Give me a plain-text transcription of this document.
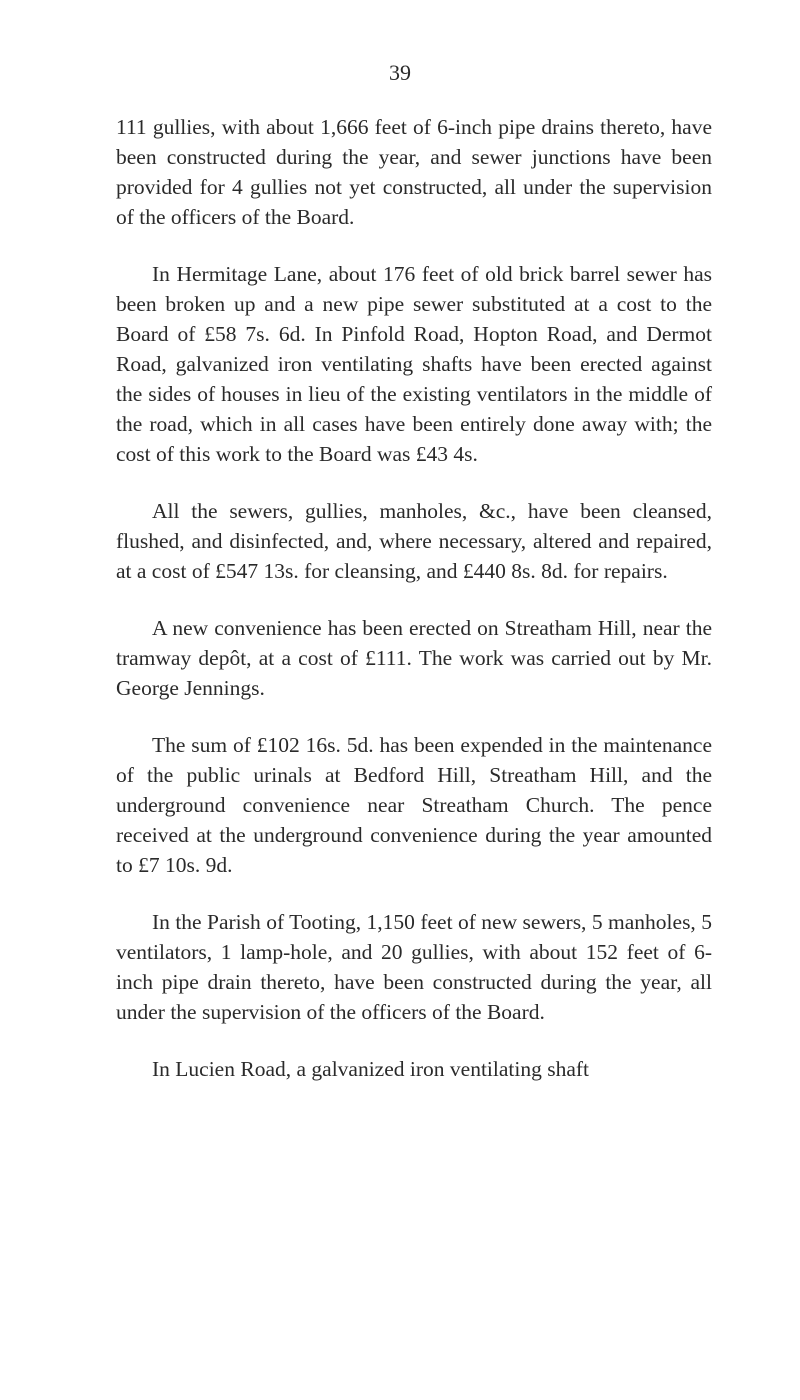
39

111 gullies, with about 1,666 feet of 6-inch pipe drains thereto, have been constructed during the year, and sewer junctions have been provided for 4 gullies not yet constructed, all under the supervision of the officers of the Board.

In Hermitage Lane, about 176 feet of old brick barrel sewer has been broken up and a new pipe sewer substituted at a cost to the Board of £58 7s. 6d. In Pinfold Road, Hopton Road, and Dermot Road, galvanized iron ventilating shafts have been erected against the sides of houses in lieu of the existing ventilators in the middle of the road, which in all cases have been entirely done away with; the cost of this work to the Board was £43 4s.

All the sewers, gullies, manholes, &c., have been cleansed, flushed, and disinfected, and, where necessary, altered and repaired, at a cost of £547 13s. for cleansing, and £440 8s. 8d. for repairs.

A new convenience has been erected on Streatham Hill, near the tramway depôt, at a cost of £111. The work was carried out by Mr. George Jennings.

The sum of £102 16s. 5d. has been expended in the maintenance of the public urinals at Bedford Hill, Streatham Hill, and the underground convenience near Streatham Church. The pence received at the underground convenience during the year amounted to £7 10s. 9d.

In the Parish of Tooting, 1,150 feet of new sewers, 5 manholes, 5 ventilators, 1 lamp-hole, and 20 gullies, with about 152 feet of 6-inch pipe drain thereto, have been constructed during the year, all under the supervision of the officers of the Board.

In Lucien Road, a galvanized iron ventilating shaft
